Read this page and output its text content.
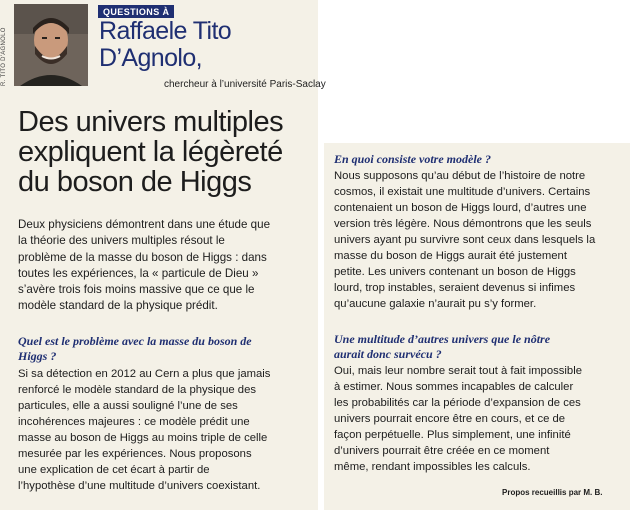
R. TITO D'AGNOLO
QUESTIONS À
Raffaele Tito
D’Agnolo,
chercheur à l’université Paris-Saclay
Des univers multiples
expliquent la légèreté
du boson de Higgs
Deux physiciens démontrent dans une étude que
la théorie des univers multiples résout le
problème de la masse du boson de Higgs : dans
toutes les expériences, la « particule de Dieu »
s’avère trois fois moins massive que ce que le
modèle standard de la physique prédit.
Quel est le problème avec la masse du boson de
Higgs ?
Si sa détection en 2012 au Cern a plus que jamais
renforcé le modèle standard de la physique des
particules, elle a aussi souligné l’une de ses
incohérences majeures : ce modèle prédit une
masse au boson de Higgs au moins triple de celle
mesurée par les expériences. Nous proposons
une explication de cet écart à partir de
l’hypothèse d’une multitude d’univers coexistant.
En quoi consiste votre modèle ?
Nous supposons qu’au début de l’histoire de notre
cosmos, il existait une multitude d’univers. Certains
contenaient un boson de Higgs lourd, d’autres une
version très légère. Nous démontrons que les seuls
univers ayant pu survivre sont ceux dans lesquels la
masse du boson de Higgs aurait été justement
petite. Les univers contenant un boson de Higgs
lourd, trop instables, seraient devenus si infimes
qu’aucune galaxie n’aurait pu s’y former.
Une multitude d’autres univers que le nôtre
aurait donc survécu ?
Oui, mais leur nombre serait tout à fait impossible
à estimer. Nous sommes incapables de calculer
les probabilités car la période d’expansion de ces
univers pourrait encore être en cours, et ce de
façon perpétuelle. Plus simplement, une infinité
d’univers pourrait être créée en ce moment
même, rendant impossibles les calculs.
Propos recueillis par M. B.
